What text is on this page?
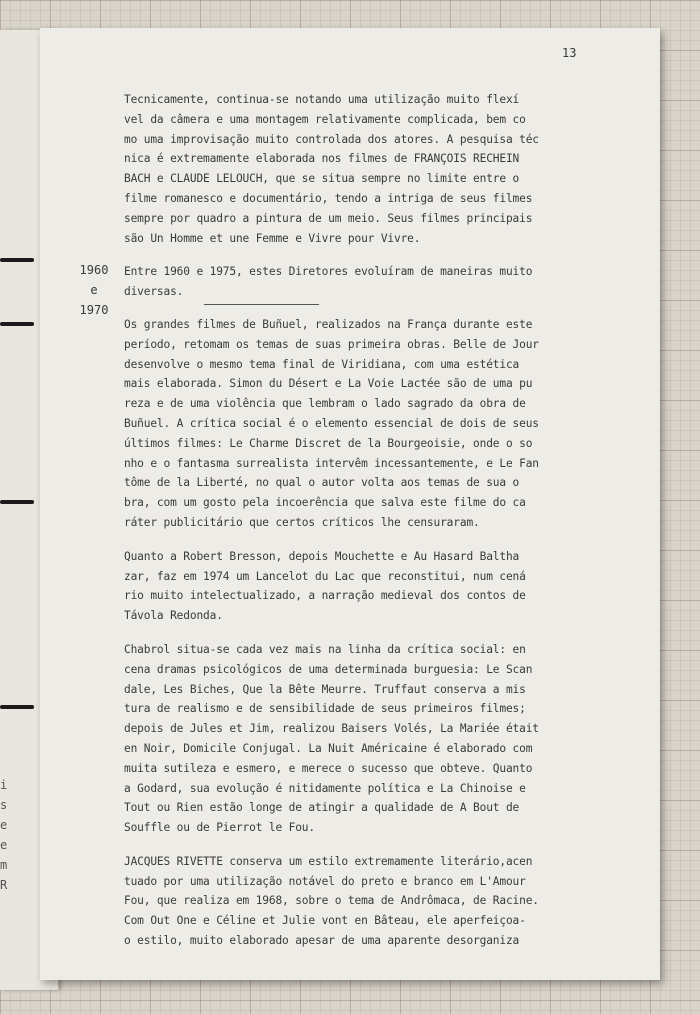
i
s
e
e
m
R
13
1960
e
1970
Tecnicamente, continua-se notando uma utilização muito flexí
vel da câmera e uma montagem relativamente complicada, bem co
mo uma improvisação muito controlada dos atores. A pesquisa téc
nica é extremamente elaborada nos filmes de FRANÇOIS RECHEIN
BACH e CLAUDE LELOUCH, que se situa sempre no limite entre o
filme romanesco e documentário, tendo a intriga de seus filmes
sempre por quadro a pintura de um meio. Seus filmes principais
são Un Homme et une Femme e Vivre pour Vivre.
Entre 1960 e 1975, estes Diretores evoluíram de maneiras muito
diversas.
Os grandes filmes de Buñuel, realizados na França durante este
período, retomam os temas de suas primeira obras. Belle de Jour
desenvolve o mesmo tema final de Viridiana, com uma estética
mais elaborada. Simon du Désert e La Voie Lactée são de uma pu
reza e de uma violência que lembram o lado sagrado da obra de
Buñuel. A crítica social é o elemento essencial de dois de seus
últimos filmes: Le Charme Discret de la Bourgeoisie, onde o so
nho e o fantasma surrealista intervêm incessantemente, e Le Fan
tôme de la Liberté, no qual o autor volta aos temas de sua o
bra, com um gosto pela incoerência que salva este filme do ca
ráter publicitário que certos críticos lhe censuraram.
Quanto a Robert Bresson, depois Mouchette e Au Hasard Baltha
zar, faz em 1974 um Lancelot du Lac que reconstitui, num cená
rio muito intelectualizado, a narração medieval dos contos de
Távola Redonda.
Chabrol situa-se cada vez mais na linha da crítica social: en
cena dramas psicológicos de uma determinada burguesia: Le Scan
dale, Les Biches, Que la Bête Meurre. Truffaut conserva a mis
tura de realismo e de sensibilidade de seus primeiros filmes;
depois de Jules et Jim, realizou Baisers Volés, La Mariée était
en Noir, Domicile Conjugal. La Nuit Américaine é elaborado com
muita sutileza e esmero, e merece o sucesso que obteve. Quanto
a Godard, sua evolução é nitidamente política e La Chinoise e
Tout ou Rien estão longe de atingir a qualidade de A Bout de
Souffle ou de Pierrot le Fou.
JACQUES RIVETTE conserva um estilo extremamente literário,acen
tuado por uma utilização notável do preto e branco em L'Amour
Fou, que realiza em 1968, sobre o tema de Andrômaca, de Racine.
Com Out One e Céline et Julie vont en Bâteau, ele aperfeiçoa-
o estilo, muito elaborado apesar de uma aparente desorganiza
